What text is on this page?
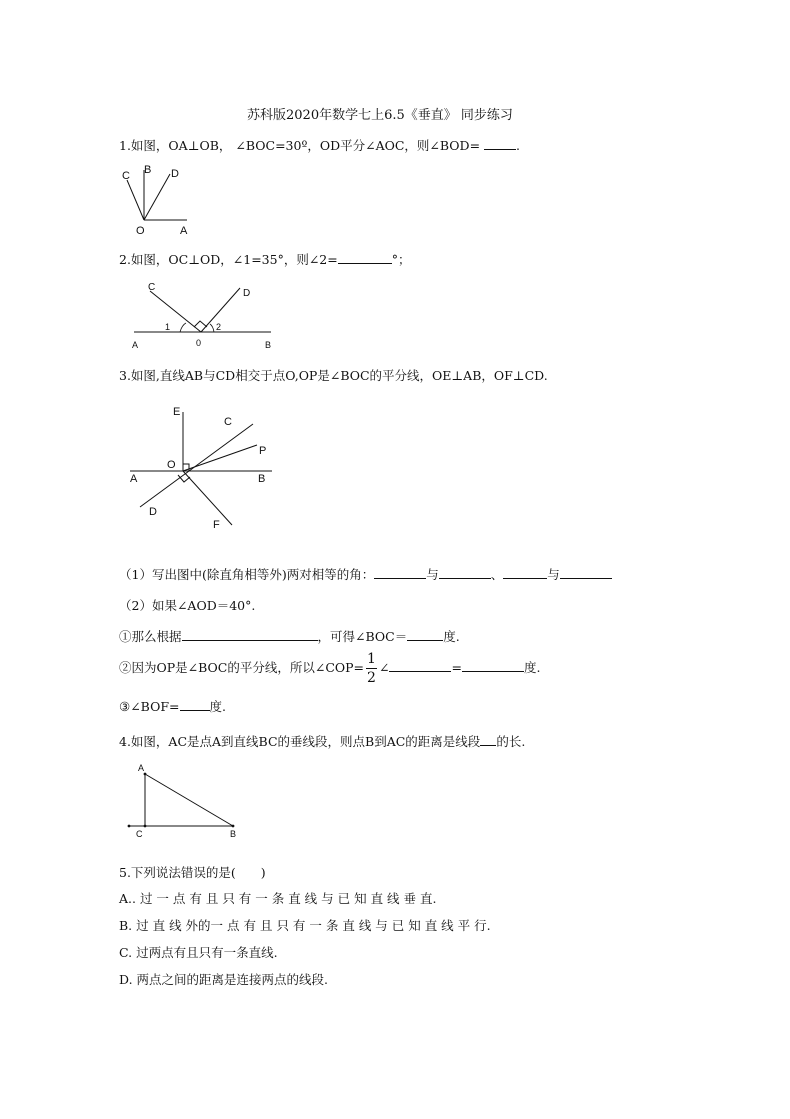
苏科版2020年数学七上6.5《垂直》 同步练习
1.如图，OA⊥OB， ∠BOC=30º，OD平分∠AOC，则∠BOD=	.
C B D
O	A
2.如图，OC⊥OD，∠1=35°，则∠2=	°；
C
D
A	0	B
1	2
3.如图,直线AB与CD相交于点O,OP是∠BOC的平分线，OE⊥AB，OF⊥CD.
E
C
P
O
A	B
D
F
（1）写出图中(除直角相等外)两对相等的角：	与	、	与
（2）如果∠AOD＝40°.
①那么根据	，可得∠BOC＝	度.
②因为OP是∠BOC的平分线，所以∠COP= $\frac{1}{2}$ ∠	=	度.
③∠BOF= 度.
4.如图，AC是点A到直线BC的垂线段，则点B到AC的距离是线段 的长.
A
C	B
5.下列说法错误的是(　　)
A.. 过 一 点 有 且 只 有 一 条 直 线 与 已 知 直 线 垂 直.
B. 过 直 线 外的一 点 有 且 只 有 一 条 直 线 与 已 知 直 线 平 行.
C. 过两点有且只有一条直线.
D. 两点之间的距离是连接两点的线段.
